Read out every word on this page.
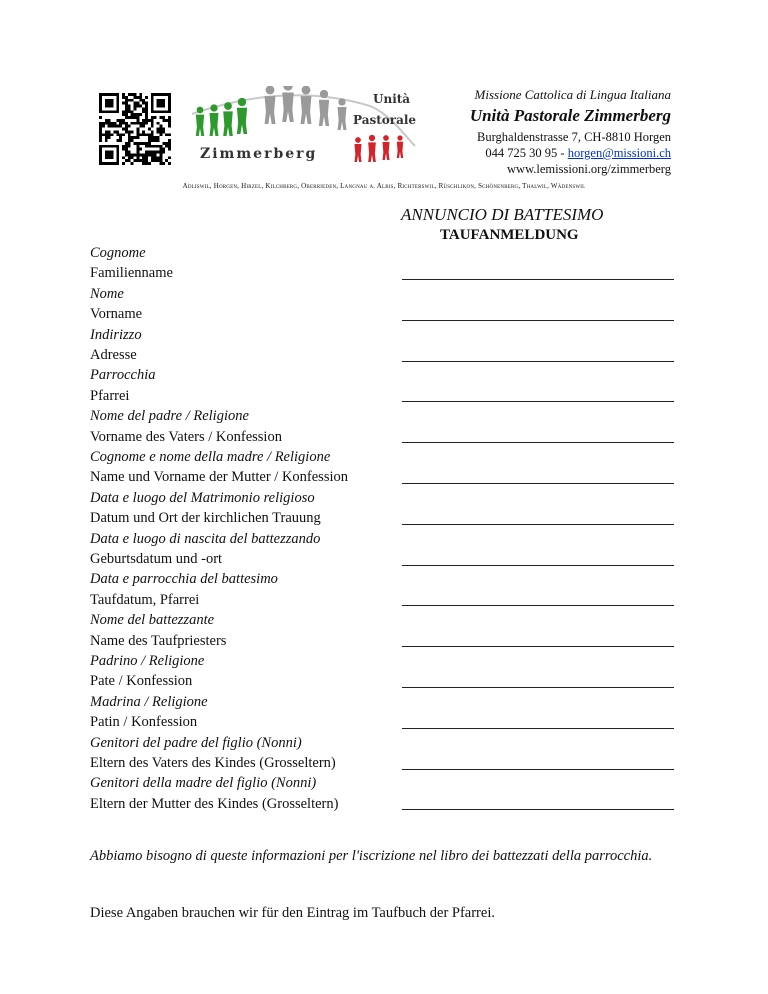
Unità
Pastorale
Zimmerberg
Missione Cattolica di Lingua Italiana
Unità Pastorale Zimmerberg
Burghaldenstrasse 7, CH-8810 Horgen
044 725 30 95 - horgen@missioni.ch
www.lemissioni.org/zimmerberg
Adliswil, Horgen, Hirzel, Kilchberg, Oberrieden, Langnau a. Albis, Richterswil, Rüschlikon, Schönenberg, Thalwil, Wädenswil
ANNUNCIO DI BATTESIMO
TAUFANMELDUNG
Cognome
Familienname
Nome
Vorname
Indirizzo
Adresse
Parrocchia
Pfarrei
Nome del padre / Religione
Vorname des Vaters / Konfession
Cognome e nome della madre / Religione
Name und Vorname der Mutter / Konfession
Data e luogo del Matrimonio religioso
Datum und Ort der kirchlichen Trauung
Data e luogo di nascita del battezzando
Geburtsdatum und -ort
Data e parrocchia del battesimo
Taufdatum, Pfarrei
Nome del battezzante
Name des Taufpriesters
Padrino / Religione
Pate / Konfession
Madrina / Religione
Patin / Konfession
Genitori del padre del figlio (Nonni)
Eltern des Vaters des Kindes (Grosseltern)
Genitori della madre del figlio (Nonni)
Eltern der Mutter des Kindes (Grosseltern)
Abbiamo bisogno di queste informazioni per l'iscrizione nel libro dei battezzati della parrocchia.
Diese Angaben brauchen wir für den Eintrag im Taufbuch der Pfarrei.
